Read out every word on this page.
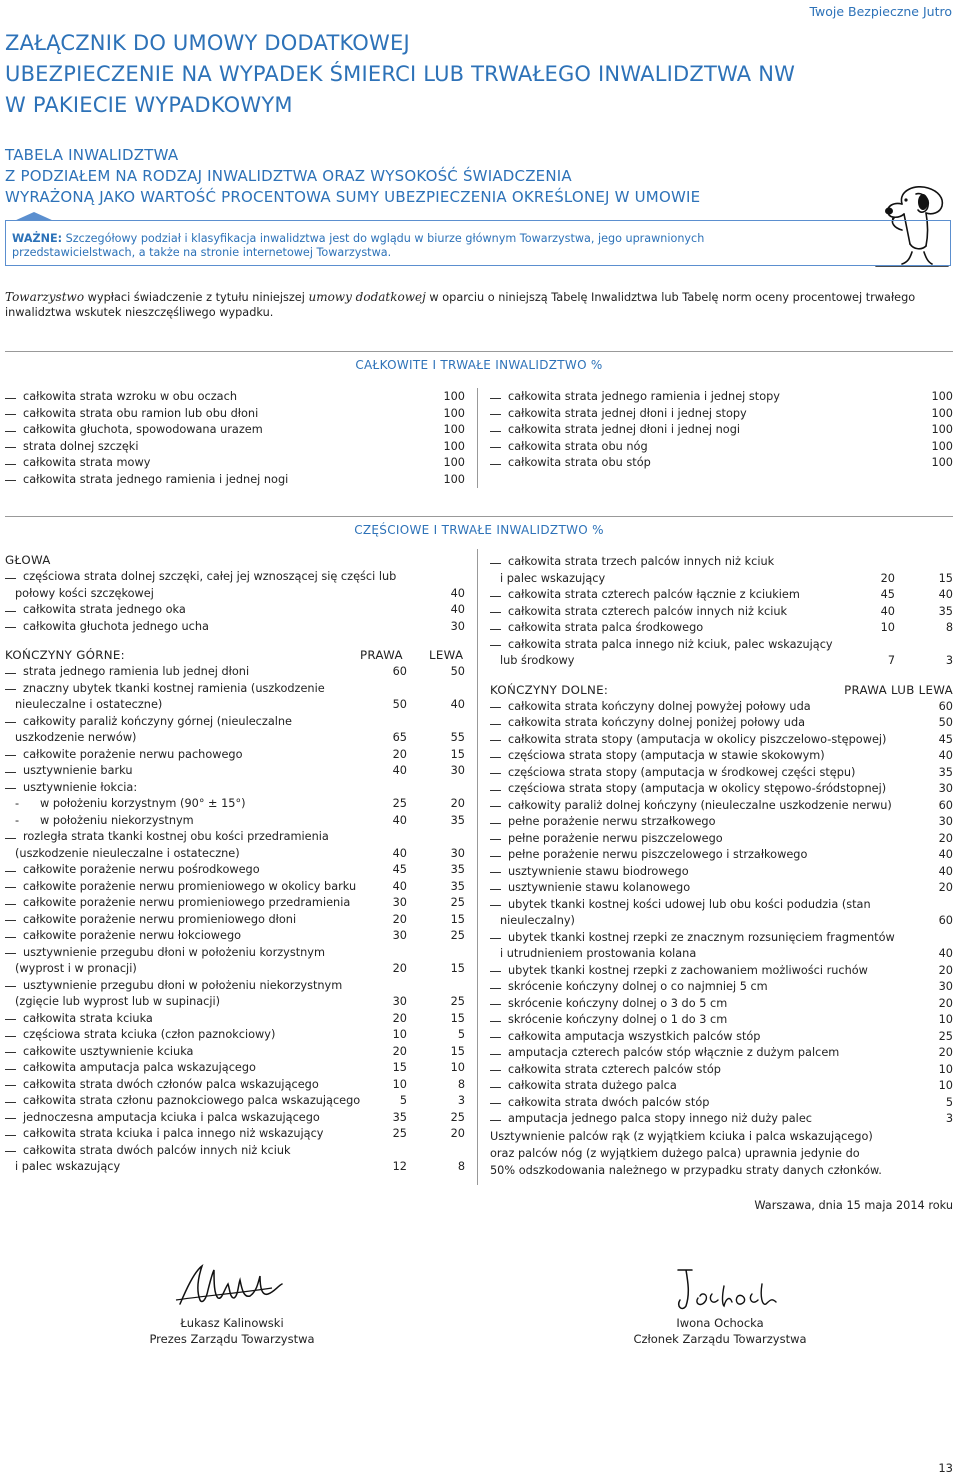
Twoje Bezpieczne Jutro
ZAŁĄCZNIK DO UMOWY DODATKOWEJ
UBEZPIECZENIE NA WYPADEK ŚMIERCI LUB TRWAŁEGO INWALIDZTWA NW
W PAKIECIE WYPADKOWYM
TABELA INWALIDZTWA
Z PODZIAŁEM NA RODZAJ INWALIDZTWA ORAZ WYSOKOŚĆ ŚWIADCZENIA
WYRAŻONĄ JAKO WARTOŚĆ PROCENTOWA SUMY UBEZPIECZENIA OKREŚLONEJ W UMOWIE
WAŻNE: Szczegółowy podział i klasyfikacja inwalidztwa jest do wglądu w biurze głównym Towarzystwa, jego uprawnionych przedstawicielstwach, a także na stronie internetowej Towarzystwa.
Towarzystwo wypłaci świadczenie z tytułu niniejszej umowy dodatkowej w oparciu o niniejszą Tabelę Inwalidztwa lub Tabelę norm oceny procentowej trwałego inwalidztwa wskutek nieszczęśliwego wypadku.
CAŁKOWITE I TRWAŁE INWALIDZTWO %
całkowita strata wzroku w obu oczach	100
całkowita strata obu ramion lub obu dłoni	100
całkowita głuchota, spowodowana urazem	100
strata dolnej szczęki	100
całkowita strata mowy	100
całkowita strata jednego ramienia i jednej nogi	100
całkowita strata jednego ramienia i jednej stopy	100
całkowita strata jednej dłoni i jednej stopy	100
całkowita strata jednej dłoni i jednej nogi	100
całkowita strata obu nóg	100
całkowita strata obu stóp	100
CZĘŚCIOWE I TRWAŁE INWALIDZTWO %
GŁOWA
częściowa strata dolnej szczęki, całej jej wznoszącej się części lub
połowy kości szczękowej	40
całkowita strata jednego oka	40
całkowita głuchota jednego ucha	30
KOŃCZYNY GÓRNE:	PRAWA LEWA
strata jednego ramienia lub jednej dłoni	60	50
znaczny ubytek tkanki kostnej ramienia (uszkodzenie
nieuleczalne i ostateczne)	50	40
całkowity paraliż kończyny górnej (nieuleczalne
uszkodzenie nerwów)	65	55
całkowite porażenie nerwu pachowego	20	15
usztywnienie barku	40	30
usztywnienie łokcia:
- w położeniu korzystnym (90° ± 15°)	25	20
- w położeniu niekorzystnym	40	35
rozległa strata tkanki kostnej obu kości przedramienia
(uszkodzenie nieuleczalne i ostateczne)	40	30
całkowite porażenie nerwu pośrodkowego	45	35
całkowite porażenie nerwu promieniowego w okolicy barku	40	35
całkowite porażenie nerwu promieniowego przedramienia	30	25
całkowite porażenie nerwu promieniowego dłoni	20	15
całkowite porażenie nerwu łokciowego	30	25
usztywnienie przegubu dłoni w położeniu korzystnym
(wyprost i w pronacji)	20	15
usztywnienie przegubu dłoni w położeniu niekorzystnym
(zgięcie lub wyprost lub w supinacji)	30	25
całkowita strata kciuka	20	15
częściowa strata kciuka (człon paznokciowy)	10	5
całkowite usztywnienie kciuka	20	15
całkowita amputacja palca wskazującego	15	10
całkowita strata dwóch członów palca wskazującego	10	8
całkowita strata członu paznokciowego palca wskazującego	5	3
jednoczesna amputacja kciuka i palca wskazującego	35	25
całkowita strata kciuka i palca innego niż wskazujący	25	20
całkowita strata dwóch palców innych niż kciuk
i palec wskazujący	12	8
całkowita strata trzech palców innych niż kciuk
i palec wskazujący	20	15
całkowita strata czterech palców łącznie z kciukiem	45	40
całkowita strata czterech palców innych niż kciuk	40	35
całkowita strata palca środkowego	10	8
całkowita strata palca innego niż kciuk, palec wskazujący
lub środkowy	7	3
KOŃCZYNY DOLNE:	PRAWA LUB LEWA
całkowita strata kończyny dolnej powyżej połowy uda	60
całkowita strata kończyny dolnej poniżej połowy uda	50
całkowita strata stopy (amputacja w okolicy piszczelowo-stępowej)	45
częściowa strata stopy (amputacja w stawie skokowym)	40
częściowa strata stopy (amputacja w środkowej części stępu)	35
częściowa strata stopy (amputacja w okolicy stępowo-śródstopnej)	30
całkowity paraliż dolnej kończyny (nieuleczalne uszkodzenie nerwu)	60
pełne porażenie nerwu strzałkowego	30
pełne porażenie nerwu piszczelowego	20
pełne porażenie nerwu piszczelowego i strzałkowego	40
usztywnienie stawu biodrowego	40
usztywnienie stawu kolanowego	20
ubytek tkanki kostnej kości udowej lub obu kości podudzia (stan
nieuleczalny)	60
ubytek tkanki kostnej rzepki ze znacznym rozsunięciem fragmentów
i utrudnieniem prostowania kolana	40
ubytek tkanki kostnej rzepki z zachowaniem możliwości ruchów	20
skrócenie kończyny dolnej o co najmniej 5 cm	30
skrócenie kończyny dolnej o 3 do 5 cm	20
skrócenie kończyny dolnej o 1 do 3 cm	10
całkowita amputacja wszystkich palców stóp	25
amputacja czterech palców stóp włącznie z dużym palcem	20
całkowita strata czterech palców stóp	10
całkowita strata dużego palca	10
całkowita strata dwóch palców stóp	5
amputacja jednego palca stopy innego niż duży palec	3
Usztywnienie palców rąk (z wyjątkiem kciuka i palca wskazującego)
oraz palców nóg (z wyjątkiem dużego palca) uprawnia jedynie do
50% odszkodowania należnego w przypadku straty danych członków.
Warszawa, dnia 15 maja 2014 roku
Łukasz Kalinowski
Prezes Zarządu Towarzystwa
Iwona Ochocka
Członek Zarządu Towarzystwa
13
